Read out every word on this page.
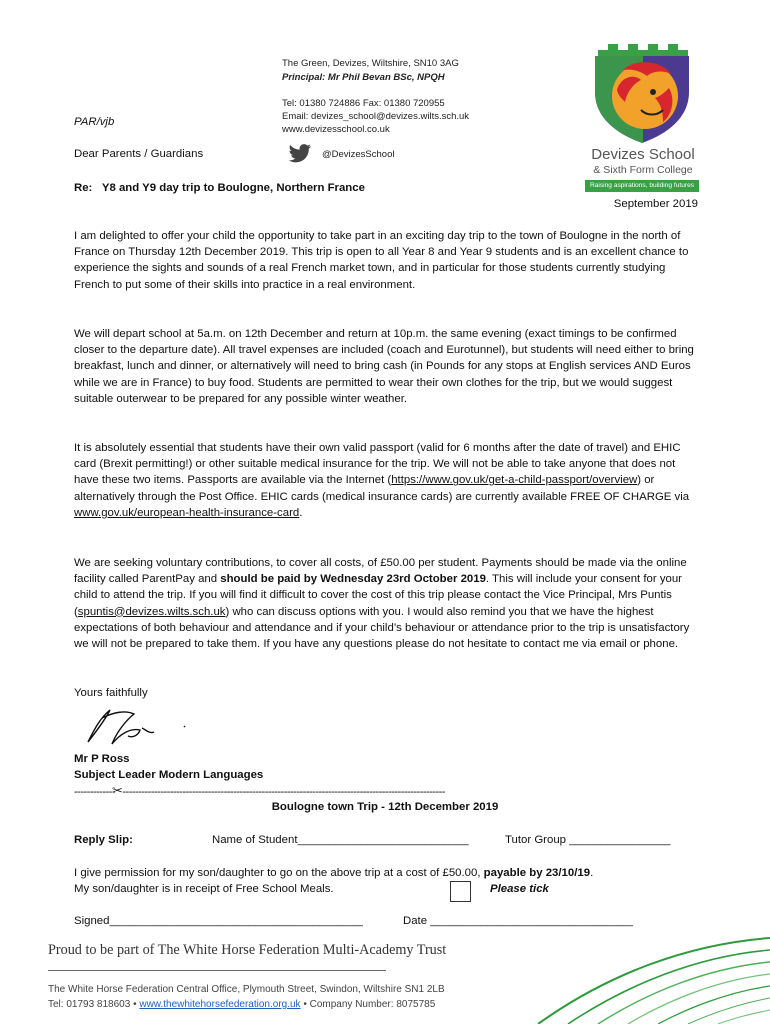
The Green, Devizes, Wiltshire, SN10 3AG
Principal: Mr Phil Bevan BSc, NPQH
Tel: 01380 724886 Fax: 01380 720955
Email: devizes_school@devizes.wilts.sch.uk
www.devizesschool.co.uk
@DevizesSchool	Devizes School
& Sixth Form College
Raising aspirations, building futures
PAR/vjb
Dear Parents / Guardians
Re: Y8 and Y9 day trip to Boulogne, Northern France
September 2019
I am delighted to offer your child the opportunity to take part in an exciting day trip to the town of Boulogne in the north of France on Thursday 12th December 2019. This trip is open to all Year 8 and Year 9 students and is an excellent chance to experience the sights and sounds of a real French market town, and in particular for those students currently studying French to put some of their skills into practice in a real environment.
We will depart school at 5a.m. on 12th December and return at 10p.m. the same evening (exact timings to be confirmed closer to the departure date). All travel expenses are included (coach and Eurotunnel), but students will need either to bring breakfast, lunch and dinner, or alternatively will need to bring cash (in Pounds for any stops at English services AND Euros while we are in France) to buy food. Students are permitted to wear their own clothes for the trip, but we would suggest suitable outerwear to be prepared for any possible winter weather.
It is absolutely essential that students have their own valid passport (valid for 6 months after the date of travel) and EHIC card (Brexit permitting!) or other suitable medical insurance for the trip. We will not be able to take anyone that does not have these two items. Passports are available via the Internet (https://www.gov.uk/get-a-child-passport/overview) or alternatively through the Post Office. EHIC cards (medical insurance cards) are currently available FREE OF CHARGE via www.gov.uk/european-health-insurance-card.
We are seeking voluntary contributions, to cover all costs, of £50.00 per student. Payments should be made via the online facility called ParentPay and should be paid by Wednesday 23rd October 2019. This will include your consent for your child to attend the trip. If you will find it difficult to cover the cost of this trip please contact the Vice Principal, Mrs Puntis (spuntis@devizes.wilts.sch.uk) who can discuss options with you. I would also remind you that we have the highest expectations of both behaviour and attendance and if your child’s behaviour or attendance prior to the trip is unsatisfactory we will not be prepared to take them. If you have any questions please do not hesitate to contact me via email or phone.
Yours faithfully
Mr P Ross
Subject Leader Modern Languages
------------✂------------------------------------------------------------------------------------------------------
Boulogne town Trip - 12th December 2019
Reply Slip:	Name of Student___________________________	Tutor Group ________________
I give permission for my son/daughter to go on the above trip at a cost of £50.00, payable by 23/10/19.
My son/daughter is in receipt of Free School Meals.	Please tick
Signed________________________________________	Date ________________________________
Proud to be part of The White Horse Federation Multi-Academy Trust
The White Horse Federation Central Office, Plymouth Street, Swindon, Wiltshire SN1 2LB
Tel: 01793 818603 • www.thewhitehorsefederation.org.uk • Company Number: 8075785
